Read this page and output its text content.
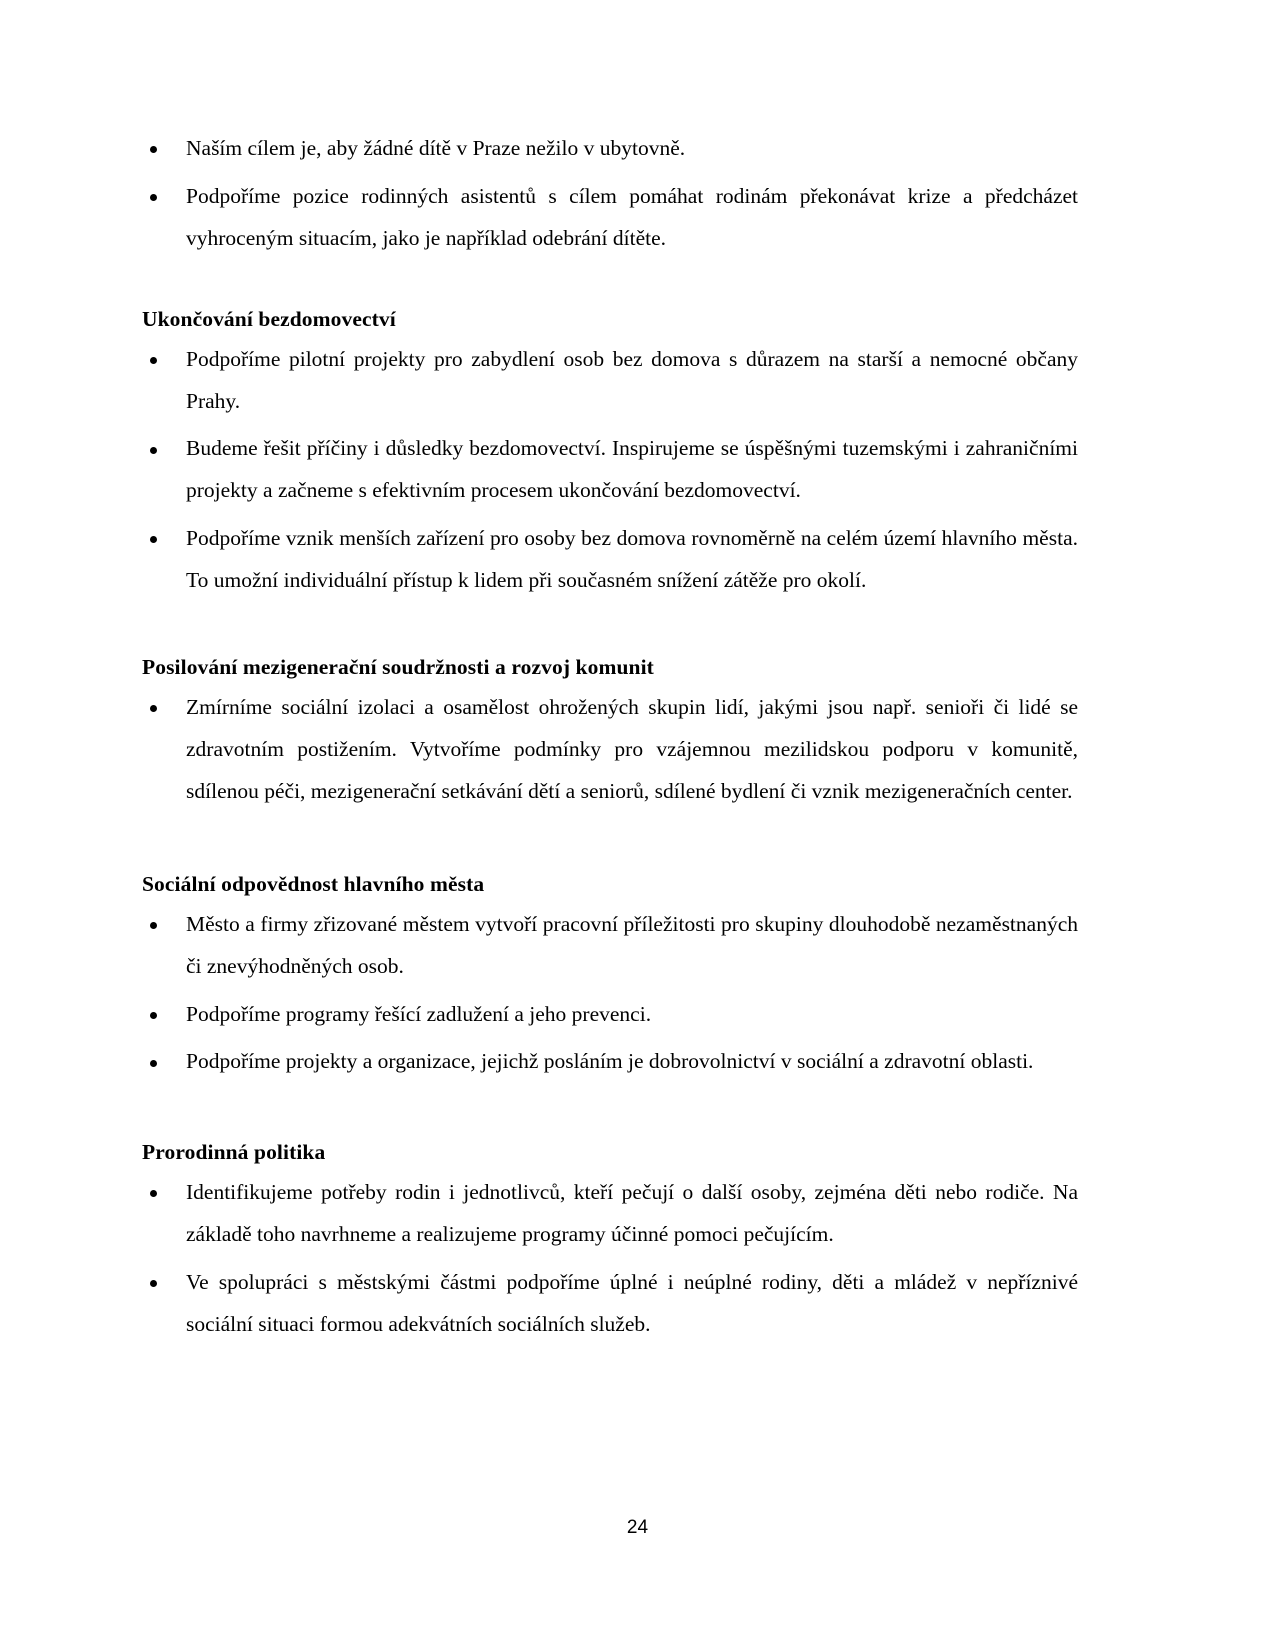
Naším cílem je, aby žádné dítě v Praze nežilo v ubytovně.
Podpoříme pozice rodinných asistentů s cílem pomáhat rodinám překonávat krize a předcházet vyhroceným situacím, jako je například odebrání dítěte.
Ukončování bezdomovectví
Podpoříme pilotní projekty pro zabydlení osob bez domova s důrazem na starší a nemocné občany Prahy.
Budeme řešit příčiny i důsledky bezdomovectví. Inspirujeme se úspěšnými tuzemskými i zahraničními projekty a začneme s efektivním procesem ukončování bezdomovectví.
Podpoříme vznik menších zařízení pro osoby bez domova rovnoměrně na celém území hlavního města. To umožní individuální přístup k lidem při současném snížení zátěže pro okolí.
Posilování mezigenerační soudržnosti a rozvoj komunit
Zmírníme sociální izolaci a osamělost ohrožených skupin lidí, jakými jsou např. senioři či lidé se zdravotním postižením. Vytvoříme podmínky pro vzájemnou mezilidskou podporu v komunitě, sdílenou péči, mezigenerační setkávání dětí a seniorů, sdílené bydlení či vznik mezigeneračních center.
Sociální odpovědnost hlavního města
Město a firmy zřizované městem vytvoří pracovní příležitosti pro skupiny dlouhodobě nezaměstnaných či znevýhodněných osob.
Podpoříme programy řešící zadlužení a jeho prevenci.
Podpoříme projekty a organizace, jejichž posláním je dobrovolnictví v sociální a zdravotní oblasti.
Prorodinná politika
Identifikujeme potřeby rodin i jednotlivců, kteří pečují o další osoby, zejména děti nebo rodiče. Na základě toho navrhneme a realizujeme programy účinné pomoci pečujícím.
Ve spolupráci s městskými částmi podpoříme úplné i neúplné rodiny, děti a mládež v nepříznivé sociální situaci formou adekvátních sociálních služeb.
24
